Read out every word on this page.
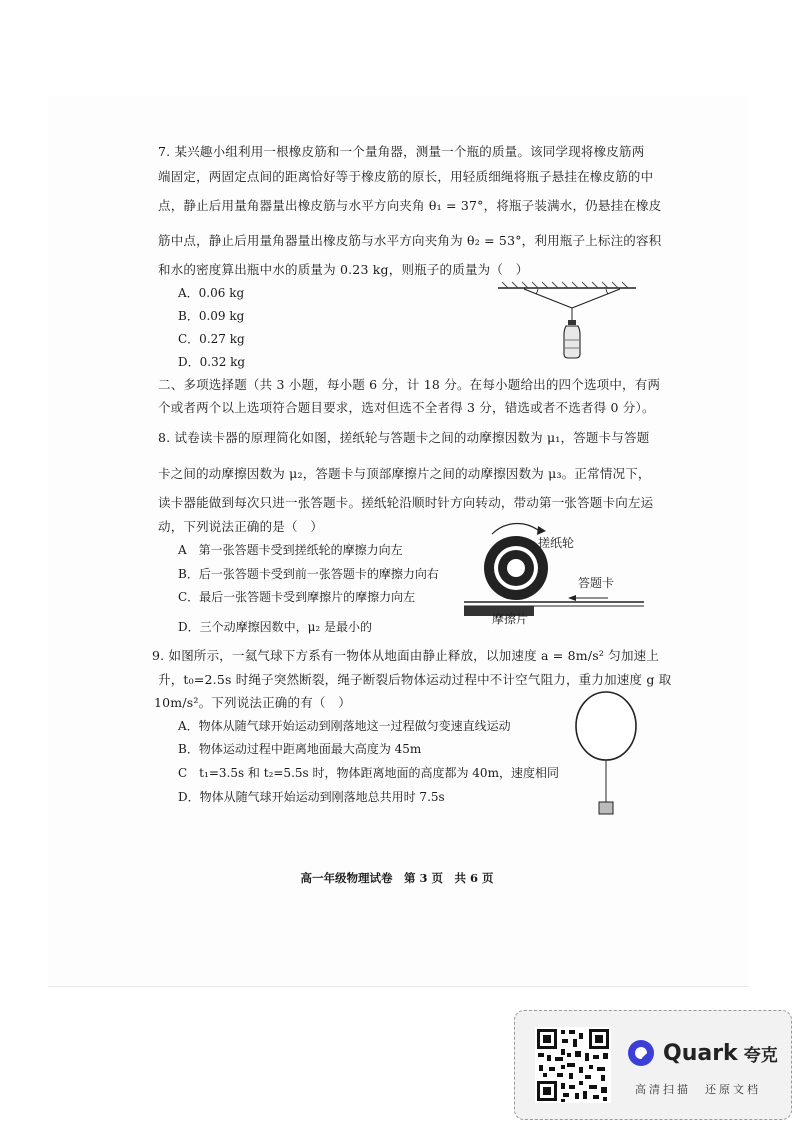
7. 某兴趣小组利用一根橡皮筋和一个量角器，测量一个瓶的质量。该同学现将橡皮筋两
端固定，两固定点间的距离恰好等于橡皮筋的原长，用轻质细绳将瓶子悬挂在橡皮筋的中
点，静止后用量角器量出橡皮筋与水平方向夹角 θ₁ = 37°，将瓶子装满水，仍悬挂在橡皮
筋中点，静止后用量角器量出橡皮筋与水平方向夹角为 θ₂ = 53°，利用瓶子上标注的容积
和水的密度算出瓶中水的质量为 0.23 kg，则瓶子的质量为（　）
A．0.06 kg
B．0.09 kg
C．0.27 kg
D．0.32 kg
二、多项选择题（共 3 小题，每小题 6 分，计 18 分。在每小题给出的四个选项中，有两
个或者两个以上选项符合题目要求，选对但选不全者得 3 分，错选或者不选者得 0 分）。
8. 试卷读卡器的原理简化如图，搓纸轮与答题卡之间的动摩擦因数为 μ₁，答题卡与答题
卡之间的动摩擦因数为 μ₂，答题卡与顶部摩擦片之间的动摩擦因数为 μ₃。正常情况下，
读卡器能做到每次只进一张答题卡。搓纸轮沿顺时针方向转动，带动第一张答题卡向左运
动，下列说法正确的是（　）
A　第一张答题卡受到搓纸轮的摩擦力向左
B．后一张答题卡受到前一张答题卡的摩擦力向右
C．最后一张答题卡受到摩擦片的摩擦力向左
D．三个动摩擦因数中，μ₂ 是最小的
搓纸轮
答题卡
摩擦片
9. 如图所示，一氦气球下方系有一物体从地面由静止释放，以加速度 a = 8m/s² 匀加速上
升，t₀=2.5s 时绳子突然断裂，绳子断裂后物体运动过程中不计空气阻力，重力加速度 g 取
10m/s²。下列说法正确的有（　）
A．物体从随气球开始运动到刚落地这一过程做匀变速直线运动
B．物体运动过程中距离地面最大高度为 45m
C　t₁=3.5s 和 t₂=5.5s 时，物体距离地面的高度都为 40m，速度相同
D．物体从随气球开始运动到刚落地总共用时 7.5s
高一年级物理试卷　第 3 页　共 6 页
Quark 夸克
高清扫描　还原文档
